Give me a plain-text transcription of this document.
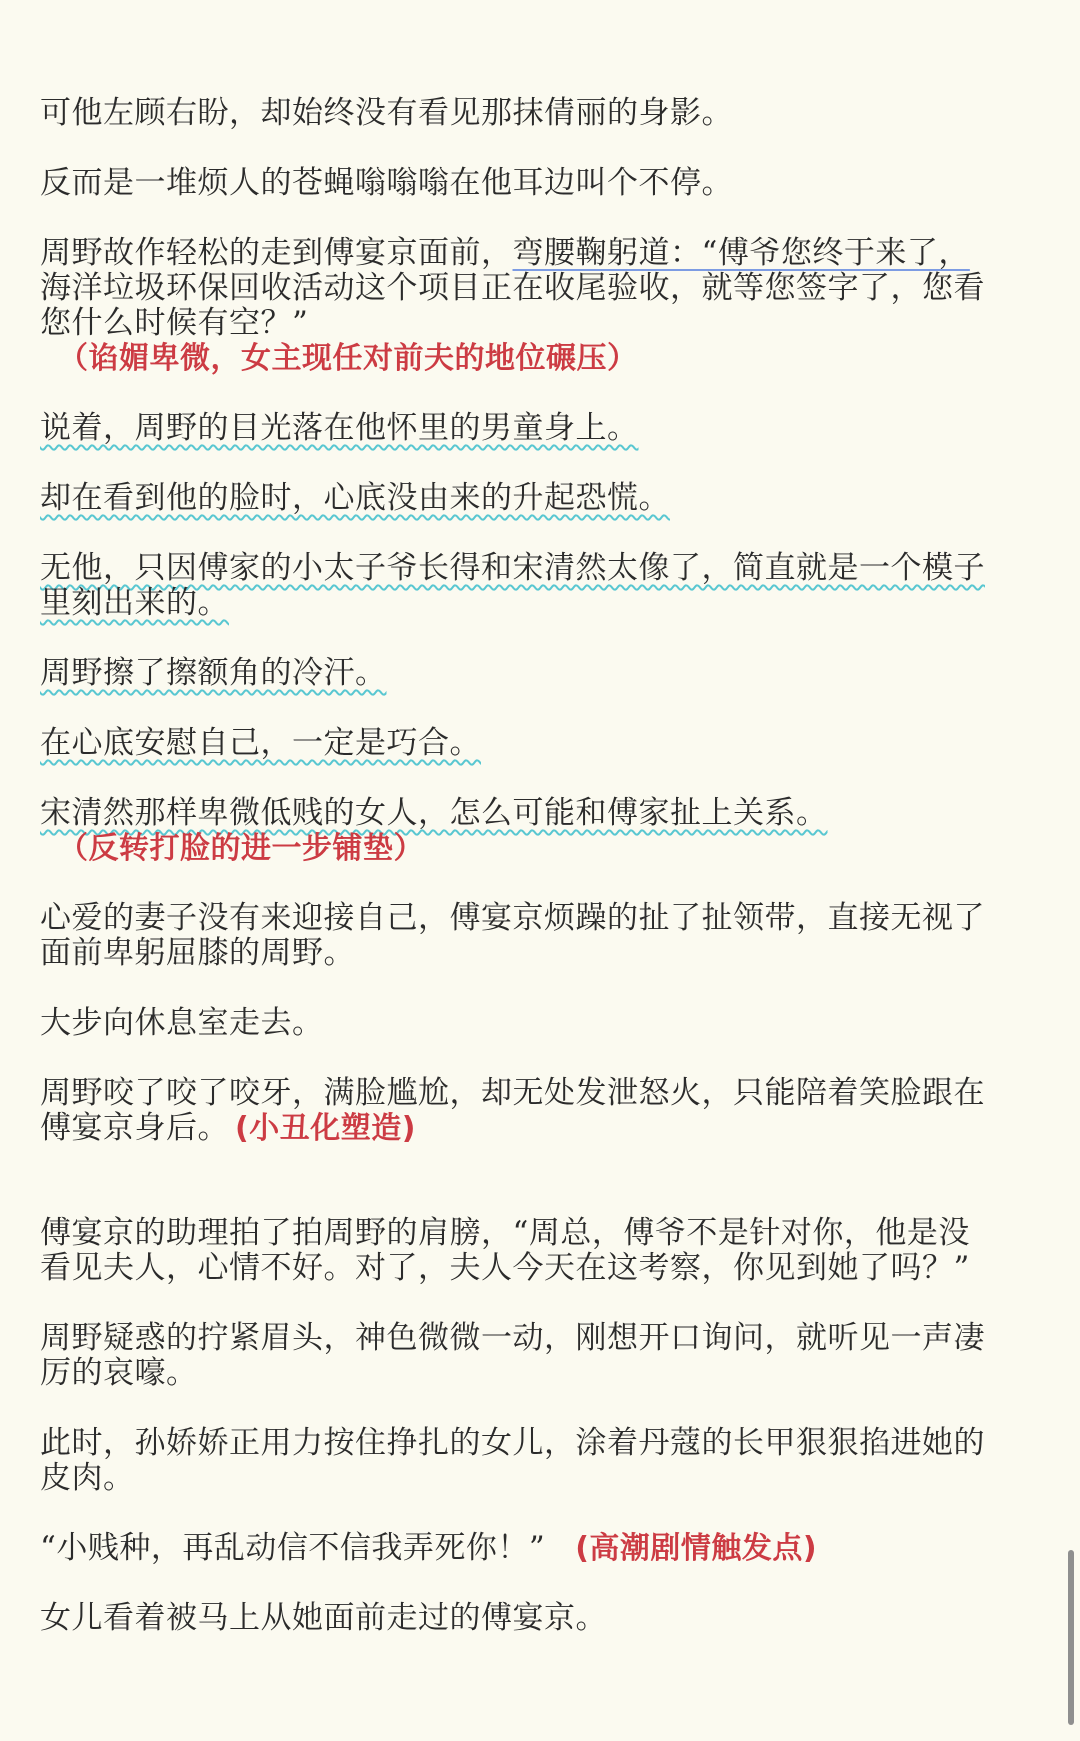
可他左顾右盼，却始终没有看见那抹倩丽的身影。

反而是一堆烦人的苍蝇嗡嗡嗡在他耳边叫个不停。

周野故作轻松的走到傅宴京面前，弯腰鞠躬道：“傅爷您终于来了，

海洋垃圾环保回收活动这个项目正在收尾验收，就等您签字了，您看

您什么时候有空？”

（谄媚卑微，女主现任对前夫的地位碾压）

说着，周野的目光落在他怀里的男童身上。

却在看到他的脸时，心底没由来的升起恐慌。

无他，只因傅家的小太子爷长得和宋清然太像了，简直就是一个模子

里刻出来的。

周野擦了擦额角的冷汗。

在心底安慰自己，一定是巧合。

宋清然那样卑微低贱的女人，怎么可能和傅家扯上关系。

（反转打脸的进一步铺垫）

心爱的妻子没有来迎接自己，傅宴京烦躁的扯了扯领带，直接无视了

面前卑躬屈膝的周野。

大步向休息室走去。

周野咬了咬了咬牙，满脸尴尬，却无处发泄怒火，只能陪着笑脸跟在

傅宴京身后。 (小丑化塑造)

傅宴京的助理拍了拍周野的肩膀，“周总，傅爷不是针对你，他是没

看见夫人，心情不好。对了，夫人今天在这考察，你见到她了吗？”

周野疑惑的拧紧眉头，神色微微一动，刚想开口询问，就听见一声凄

厉的哀嚎。

此时，孙娇娇正用力按住挣扎的女儿，涂着丹蔻的长甲狠狠掐进她的

皮肉。

“小贱种，再乱动信不信我弄死你！” (高潮剧情触发点)

女儿看着被马上从她面前走过的傅宴京。
